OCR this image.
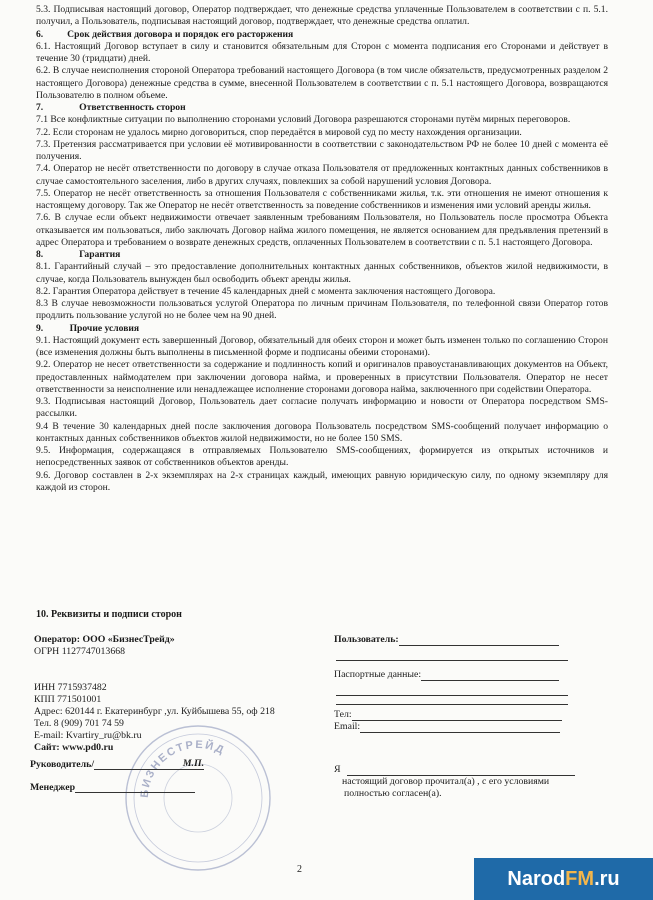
5.3. Подписывая настоящий договор, Оператор подтверждает, что денежные средства уплаченные Пользователем в соответствии с п. 5.1. получил, а Пользователь, подписывая настоящий договор, подтверждает, что денежные средства оплатил.

6.          Срок действия договора и порядок его расторжения

6.1. Настоящий Договор вступает в силу и становится обязательным для Сторон с момента подписания его Сторонами и действует в течение 30 (тридцати) дней.

6.2. В случае неисполнения стороной Оператора требований настоящего Договора (в том числе обязательств, предусмотренных разделом 2 настоящего Договора) денежные средства в сумме, внесенной Пользователем в соответствии с п. 5.1 настоящего Договора, возвращаются Пользователю в полном объеме.

7.               Ответственность сторон

7.1 Все конфликтные ситуации по выполнению сторонами условий Договора разрешаются сторонами путём мирных переговоров.

7.2. Если сторонам не удалось мирно договориться, спор передаётся в мировой суд по месту нахождения организации.

7.3. Претензия рассматривается при условии её мотивированности в соответствии с законодательством РФ не более 10 дней с момента её получения.

7.4. Оператор не несёт ответственности по договору в случае отказа Пользователя от предложенных контактных данных собственников в случае самостоятельного заселения, либо в других случаях, повлекших за собой нарушений условия Договора.

7.5. Оператор не несёт ответственность за отношения Пользователя с собственниками жилья, т.к. эти отношения не имеют отношения к настоящему договору. Так же Оператор не несёт ответственность за поведение собственников и изменения ими условий аренды жилья.

7.6. В случае если объект недвижимости отвечает заявленным требованиям Пользователя, но Пользователь после просмотра Объекта отказывается им пользоваться, либо заключать Договор найма жилого помещения, не является основанием для предъявления претензий в адрес Оператора и требованием о возврате денежных средств, оплаченных Пользователем в соответствии с п. 5.1 настоящего Договора.

8.               Гарантия

8.1. Гарантийный случай – это предоставление дополнительных контактных данных собственников, объектов жилой недвижимости, в случае, когда Пользователь вынужден был освободить объект аренды жилья.

8.2. Гарантия Оператора действует в течение 45 календарных дней с момента заключения настоящего Договора.

8.3 В случае невозможности пользоваться услугой Оператора по личным причинам Пользователя, по телефонной связи Оператор готов продлить пользование услугой но не более чем на 90 дней.

9.           Прочие условия

9.1. Настоящий документ есть завершенный Договор, обязательный для обеих сторон и может быть изменен только по соглашению Сторон (все изменения должны быть выполнены в письменной форме и подписаны обеими сторонами).

9.2. Оператор не несет ответственности за содержание и подлинность копий и оригиналов правоустанавливающих документов на Объект, предоставленных наймодателем при заключении договора найма, и проверенных в присутствии Пользователя. Оператор не несет ответственности за неисполнение или ненадлежащее исполнение сторонами договора найма, заключенного при содействии Оператора.

9.3. Подписывая настоящий Договор, Пользователь дает согласие получать информацию и новости от Оператора посредством SMS-рассылки.

9.4 В течение 30 календарных дней после заключения договора Пользователь посредством SMS-сообщений получает информацию о контактных данных собственников объектов жилой недвижимости, но не более 150 SMS.

9.5. Информация, содержащаяся в отправляемых Пользователю SMS-сообщениях, формируется из открытых источников и непосредственных заявок от собственников объектов аренды.

9.6. Договор составлен в 2-х экземплярах на 2-х страницах каждый, имеющих равную юридическую силу, по одному экземпляру для каждой из сторон.

10. Реквизиты и подписи сторон

Оператор: ООО «БизнесТрейд»

ОГРН 1127747013668

ИНН 7715937482

КПП 771501001

Адрес: 620144 г. Екатеринбург ,ул. Куйбышева 55, оф 218

Тел. 8 (909) 701 74 59

E-mail: Kvartiry_ru@bk.ru

Сайт: www.pd0.ru

Пользователь:

Паспортные данные:

Тел:

Email:

БИЗНЕСТРЕЙД

Руководитель/	М.П.

Менеджер

Я

настоящий договор прочитал(а) , с его условиями

полностью согласен(а).

2	NarodFM.ru
